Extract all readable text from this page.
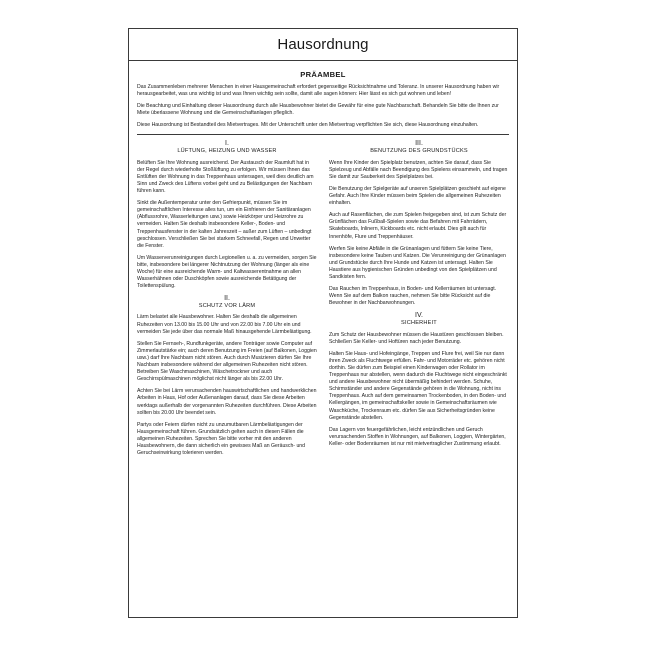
Hausordnung
PRÄAMBEL

Das Zusammenleben mehrerer Menschen in einer Hausgemeinschaft erfordert gegenseitige Rücksichtnahme und Toleranz. In unserer Hausordnung haben wir herausgearbeitet, was uns wichtig ist und was Ihnen wichtig sein sollte, damit alle sagen können: Hier lässt es sich gut wohnen und leben!

Die Beachtung und Einhaltung dieser Hausordnung durch alle Hausbewohner bietet die Gewähr für eine gute Nachbarschaft. Behandeln Sie bitte die Ihnen zur Miete überlassene Wohnung und die Gemeinschaftanlagen pfleglich.

Diese Hausordnung ist Bestandteil des Mietvertrages. Mit der Unterschrift unter den Mietvertrag verpflichten Sie sich, diese Hausordnung einzuhalten.

I.
LÜFTUNG, HEIZUNG UND WASSER

Belüften Sie Ihre Wohnung ausreichend. Der Austausch der Raumluft hat in der Regel durch wiederholte Stoßlüftung zu erfolgen. Wir müssen Ihnen das Entlüften der Wohnung in das Treppenhaus untersagen, weil dies deutlich am Sinn und Zweck des Lüftens vorbei geht und zu Belästigungen der Nachbarn führen kann.

Sinkt die Außentemperatur unter den Gefrierpunkt, müssen Sie im gemeinschaftlichen Interesse alles tun, um ein Einfrieren der Sanitäranlagen (Abflussrohre, Wasserleitungen usw.) sowie Heizkörper und Heizrohre zu vermeiden. Halten Sie deshalb insbesondere Keller-, Boden- und Treppenhausfenster in der kalten Jahreszeit – außer zum Lüften – unbedingt geschlossen. Verschließen Sie bei starkem Schneefall, Regen und Unwetter die Fenster.

Um Wasserverunreinigungen durch Legionellen u. a. zu vermeiden, sorgen Sie bitte, insbesondere bei längerer Nichtnutzung der Wohnung (länger als eine Woche) für eine ausreichende Warm- und Kaltwasserentnahme an allen Wasserhähnen oder Duschköpfen sowie ausreichende Betätigung der Toilettenspülung.

II.
SCHUTZ VOR LÄRM

Lärm belastet alle Hausbewohner. Halten Sie deshalb die allgemeinen Ruhezeiten von 13.00 bis 15.00 Uhr und von 22.00 bis 7.00 Uhr ein und vermeiden Sie jede über das normale Maß hinausgehende Lärmbelästigung.

Stellen Sie Fernseh-, Rundfunkgeräte, andere Tonträger sowie Computer auf Zimmerlautstärke ein; auch deren Benutzung im Freien (auf Balkonen, Loggien usw.) darf Ihre Nachbarn nicht stören. Auch durch Musizieren dürfen Sie Ihre Nachbarn insbesondere während der allgemeinen Ruhezeiten nicht stören. Betreiben Sie Waschmaschinen, Wäschetrockner und auch Geschirrspülmaschinen möglichst nicht länger als bis 22.00 Uhr.

Achten Sie bei Lärm verursachenden hauswirtschaftlichen und handwerklichen Arbeiten in Haus, Hof oder Außenanlagen darauf, dass Sie diese Arbeiten werktags außerhalb der vorgenannten Ruhezeiten durchführen. Diese Arbeiten sollten bis 20.00 Uhr beendet sein.

Partys oder Feiern dürfen nicht zu unzumutbaren Lärmbelästigungen der Hausgemeinschaft führen. Grundsätzlich gelten auch in diesen Fällen die allgemeinen Ruhezeiten. Sprechen Sie bitte vorher mit den anderen Hausbewohnern, die dann sicherlich ein gewisses Maß an Geräusch- und Geruchseinwirkung tolerieren werden.

III.
BENUTZUNG DES GRUNDSTÜCKS

Wenn Ihre Kinder den Spielplatz benutzen, achten Sie darauf, dass Sie Spielzeug und Abfälle nach Beendigung des Spielens einsammeln, und tragen Sie damit zur Sauberkeit des Spielplatzes bei.

Die Benutzung der Spielgeräte auf unseren Spielplätzen geschieht auf eigene Gefahr. Auch Ihre Kinder müssen beim Spielen die allgemeinen Ruhezeiten einhalten.

Auch auf Rasenflächen, die zum Spielen freigegeben sind, ist zum Schutz der Grünflächen das Fußball-Spielen sowie das Befahren mit Fahrrädern, Skateboards, Inlinern, Kickboards etc. nicht erlaubt. Dies gilt auch für Innenhöfe, Flure und Treppenhäuser.

Werfen Sie keine Abfälle in die Grünanlagen und füttern Sie keine Tiere, insbesondere keine Tauben und Katzen. Die Verunreinigung der Grünanlagen und Grundstücke durch Ihre Hunde und Katzen ist untersagt. Halten Sie Haustiere aus hygienischen Gründen unbedingt von den Spielplätzen und Sandkisten fern.

Das Rauchen im Treppenhaus, in Boden- und Kellerräumen ist untersagt. Wenn Sie auf dem Balkon rauchen, nehmen Sie bitte Rücksicht auf die Bewohner in der Nachbarwohnungen.

IV.
SICHERHEIT

Zum Schutz der Hausbewohner müssen die Haustüren geschlossen bleiben. Schließen Sie Keller- und Hoftüren nach jeder Benutzung.

Halten Sie Haus- und Hofeingänge, Treppen und Flure frei, weil Sie nur dann ihren Zweck als Fluchtwege erfüllen. Fahr- und Motorräder etc. gehören nicht dorthin. Sie dürfen zum Beispiel einen Kinderwagen oder Rollator im Treppenhaus nur abstellen, wenn dadurch die Fluchtwege nicht eingeschränkt und andere Hausbewohner nicht übermäßig behindert werden. Schuhe, Schirmständer und andere Gegenstände gehören in die Wohnung, nicht ins Treppenhaus. Auch auf dem gemeinsamen Trockenboden, in den Boden- und Kellergängen, im gemeinschaftskeller sowie in Gemeinschaftsräumen wie Waschküche, Trockenraum etc. dürfen Sie aus Sicherheitsgründen keine Gegenstände abstellen.

Das Lagern von feuergefährlichen, leicht entzündlichen und Geruch verursachenden Stoffen in Wohnungen, auf Balkonen, Loggien, Wintergärten, Keller- oder Bodenräumen ist nur mit mietvertraglicher Zustimmung erlaubt.
